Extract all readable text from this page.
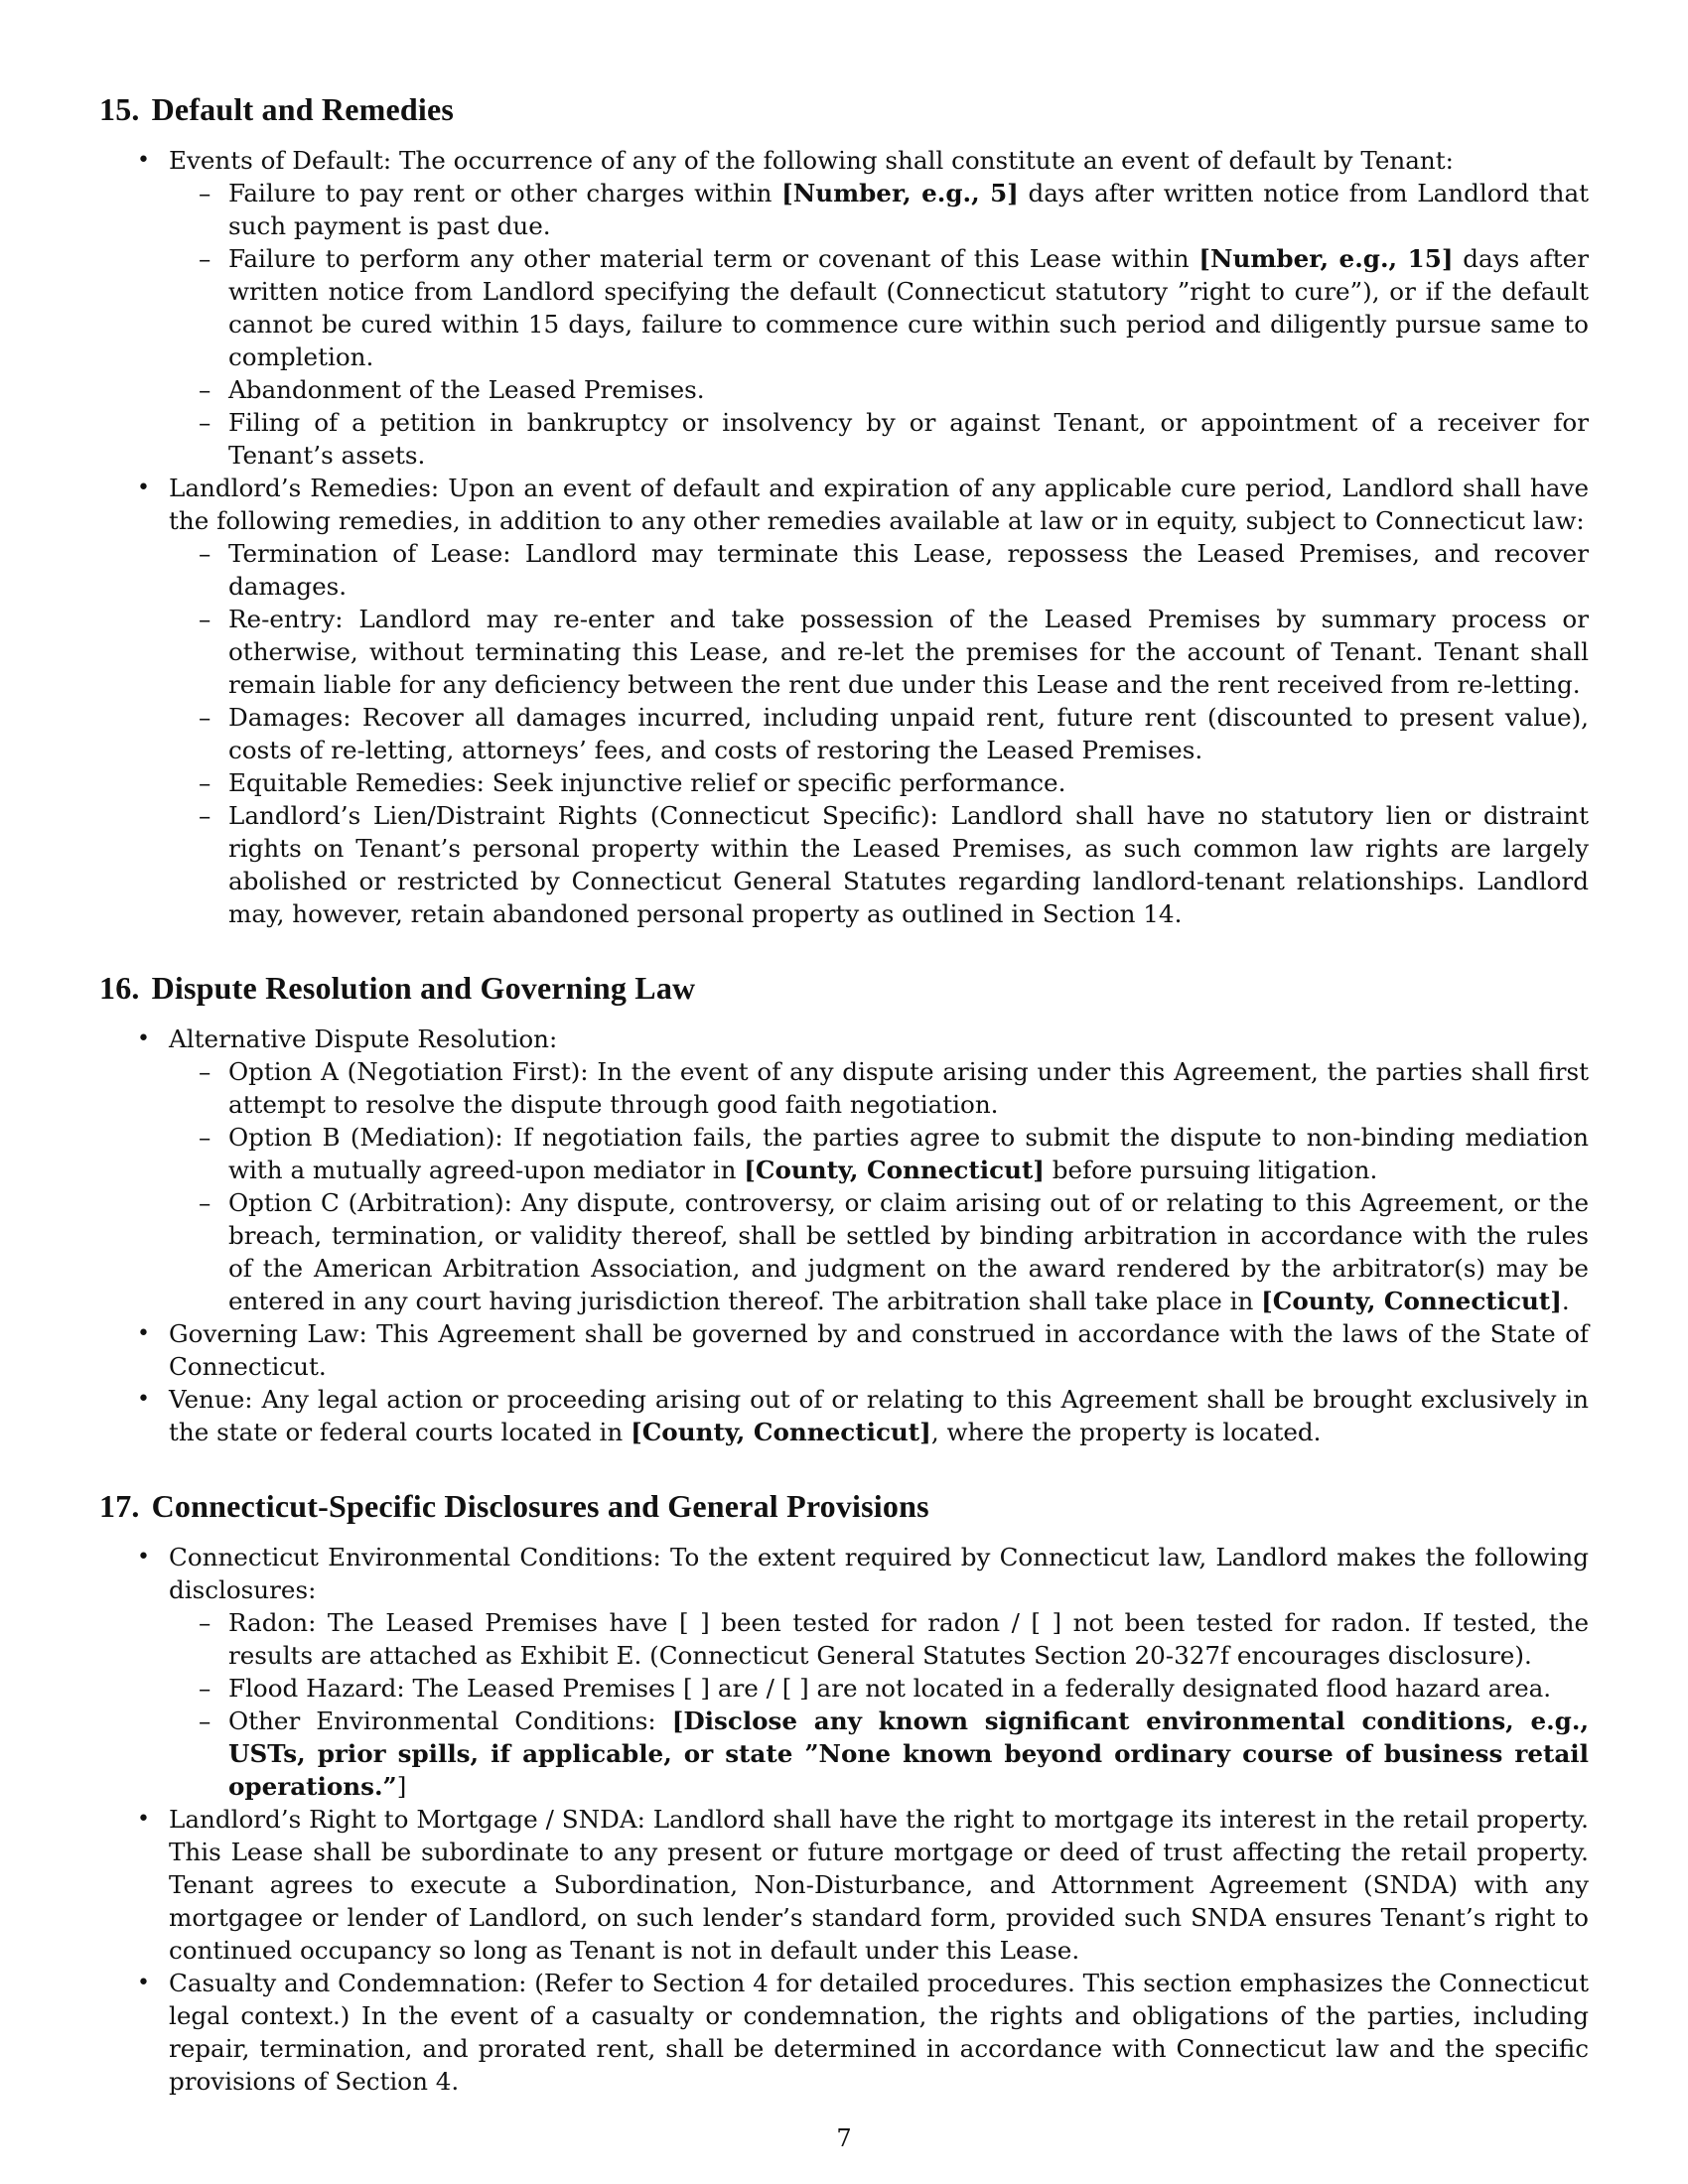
15. Default and Remedies
• Events of Default: The occurrence of any of the following shall constitute an event of default by Tenant:
– Failure to pay rent or other charges within [Number, e.g., 5] days after written notice from Landlord that such payment is past due.
– Failure to perform any other material term or covenant of this Lease within [Number, e.g., 15] days after written notice from Landlord specifying the default (Connecticut statutory ”right to cure”), or if the default cannot be cured within 15 days, failure to commence cure within such period and diligently pursue same to completion.
– Abandonment of the Leased Premises.
– Filing of a petition in bankruptcy or insolvency by or against Tenant, or appointment of a receiver for Tenant’s assets.
• Landlord’s Remedies: Upon an event of default and expiration of any applicable cure period, Landlord shall have the following remedies, in addition to any other remedies available at law or in equity, subject to Connecticut law:
– Termination of Lease: Landlord may terminate this Lease, repossess the Leased Premises, and recover damages.
– Re-entry: Landlord may re-enter and take possession of the Leased Premises by summary process or otherwise, without terminating this Lease, and re-let the premises for the account of Tenant. Tenant shall remain liable for any deficiency between the rent due under this Lease and the rent received from re-letting.
– Damages: Recover all damages incurred, including unpaid rent, future rent (discounted to present value), costs of re-letting, attorneys’ fees, and costs of restoring the Leased Premises.
– Equitable Remedies: Seek injunctive relief or specific performance.
– Landlord’s Lien/Distraint Rights (Connecticut Specific): Landlord shall have no statutory lien or distraint rights on Tenant’s personal property within the Leased Premises, as such common law rights are largely abolished or restricted by Connecticut General Statutes regarding landlord-tenant relationships. Landlord may, however, retain abandoned personal property as outlined in Section 14.
16. Dispute Resolution and Governing Law
• Alternative Dispute Resolution:
– Option A (Negotiation First): In the event of any dispute arising under this Agreement, the parties shall first attempt to resolve the dispute through good faith negotiation.
– Option B (Mediation): If negotiation fails, the parties agree to submit the dispute to non-binding mediation with a mutually agreed-upon mediator in [County, Connecticut] before pursuing litigation.
– Option C (Arbitration): Any dispute, controversy, or claim arising out of or relating to this Agreement, or the breach, termination, or validity thereof, shall be settled by binding arbitration in accordance with the rules of the American Arbitration Association, and judgment on the award rendered by the arbitrator(s) may be entered in any court having jurisdiction thereof. The arbitration shall take place in [County, Connecticut].
• Governing Law: This Agreement shall be governed by and construed in accordance with the laws of the State of Connecticut.
• Venue: Any legal action or proceeding arising out of or relating to this Agreement shall be brought exclusively in the state or federal courts located in [County, Connecticut], where the property is located.
17. Connecticut-Specific Disclosures and General Provisions
• Connecticut Environmental Conditions: To the extent required by Connecticut law, Landlord makes the following disclosures:
– Radon: The Leased Premises have [ ] been tested for radon / [ ] not been tested for radon. If tested, the results are attached as Exhibit E. (Connecticut General Statutes Section 20-327f encourages disclosure).
– Flood Hazard: The Leased Premises [ ] are / [ ] are not located in a federally designated flood hazard area.
– Other Environmental Conditions: [Disclose any known significant environmental conditions, e.g., USTs, prior spills, if applicable, or state ”None known beyond ordinary course of business retail operations.”]
• Landlord’s Right to Mortgage / SNDA: Landlord shall have the right to mortgage its interest in the retail property. This Lease shall be subordinate to any present or future mortgage or deed of trust affecting the retail property. Tenant agrees to execute a Subordination, Non-Disturbance, and Attornment Agreement (SNDA) with any mortgagee or lender of Landlord, on such lender’s standard form, provided such SNDA ensures Tenant’s right to continued occupancy so long as Tenant is not in default under this Lease.
• Casualty and Condemnation: (Refer to Section 4 for detailed procedures. This section emphasizes the Connecticut legal context.) In the event of a casualty or condemnation, the rights and obligations of the parties, including repair, termination, and prorated rent, shall be determined in accordance with Connecticut law and the specific provisions of Section 4.
7
